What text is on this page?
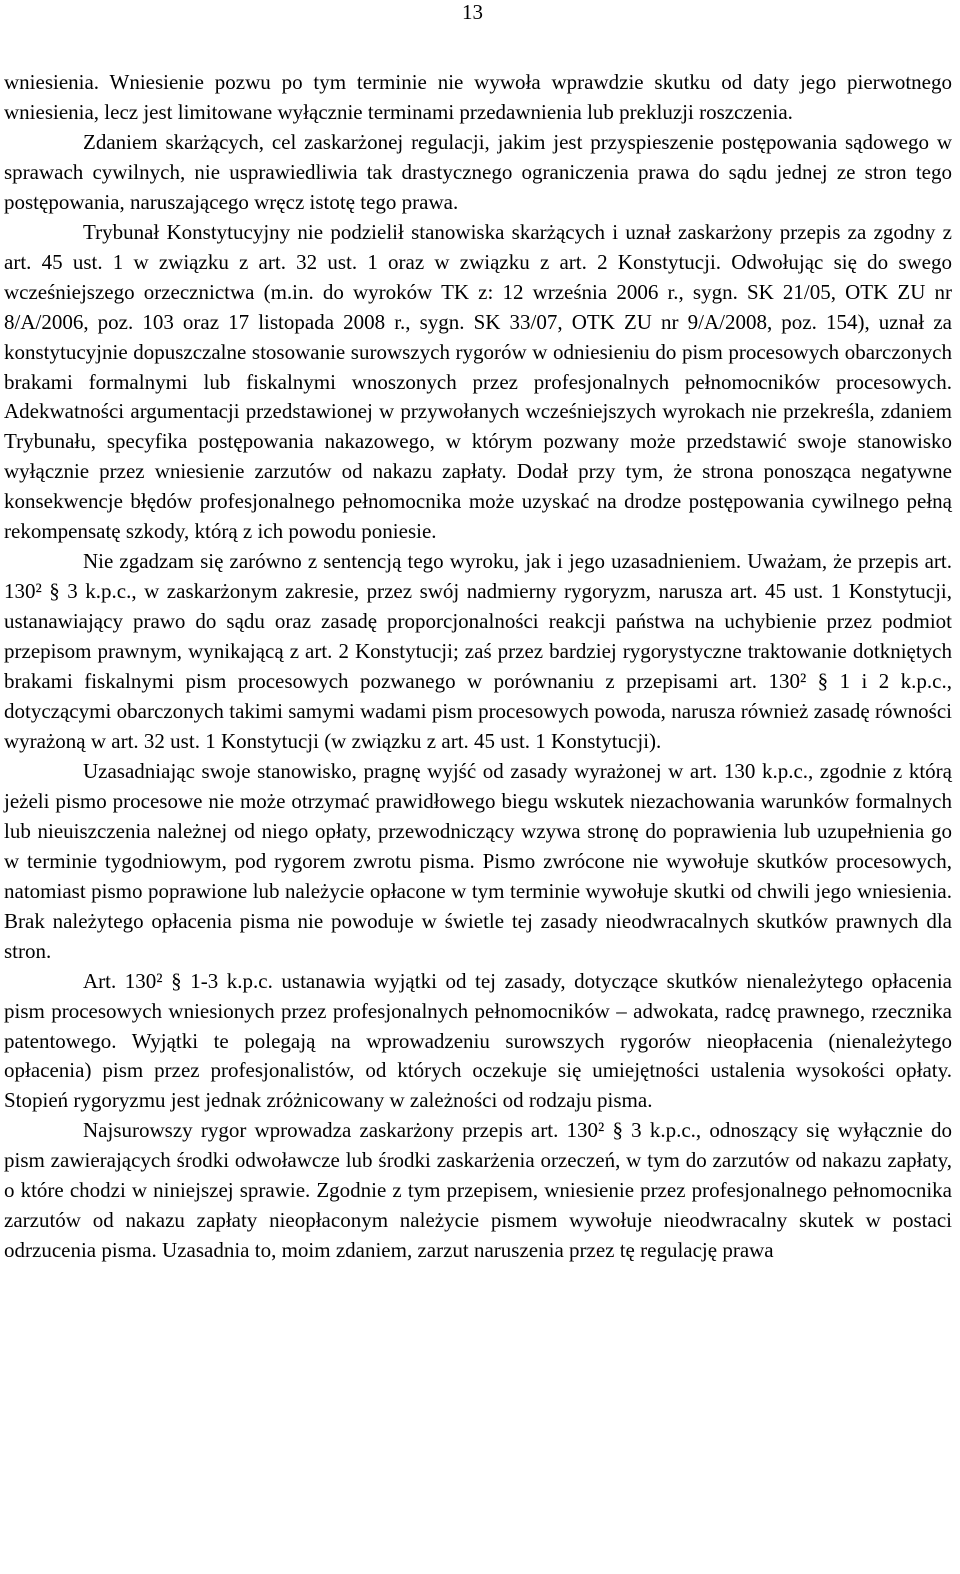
13

wniesienia. Wniesienie pozwu po tym terminie nie wywoła wprawdzie skutku od daty jego pierwotnego wniesienia, lecz jest limitowane wyłącznie terminami przedawnienia lub prekluzji roszczenia.

Zdaniem skarżących, cel zaskarżonej regulacji, jakim jest przyspieszenie postępowania sądowego w sprawach cywilnych, nie usprawiedliwia tak drastycznego ograniczenia prawa do sądu jednej ze stron tego postępowania, naruszającego wręcz istotę tego prawa.

Trybunał Konstytucyjny nie podzielił stanowiska skarżących i uznał zaskarżony przepis za zgodny z art. 45 ust. 1 w związku z art. 32 ust. 1 oraz w związku z art. 2 Konstytucji. Odwołując się do swego wcześniejszego orzecznictwa (m.in. do wyroków TK z: 12 września 2006 r., sygn. SK 21/05, OTK ZU nr 8/A/2006, poz. 103 oraz 17 listopada 2008 r., sygn. SK 33/07, OTK ZU nr 9/A/2008, poz. 154), uznał za konstytucyjnie dopuszczalne stosowanie surowszych rygorów w odniesieniu do pism procesowych obarczonych brakami formalnymi lub fiskalnymi wnoszonych przez profesjonalnych pełnomocników procesowych. Adekwatności argumentacji przedstawionej w przywołanych wcześniejszych wyrokach nie przekreśla, zdaniem Trybunału, specyfika postępowania nakazowego, w którym pozwany może przedstawić swoje stanowisko wyłącznie przez wniesienie zarzutów od nakazu zapłaty. Dodał przy tym, że strona ponosząca negatywne konsekwencje błędów profesjonalnego pełnomocnika może uzyskać na drodze postępowania cywilnego pełną rekompensatę szkody, którą z ich powodu poniesie.

Nie zgadzam się zarówno z sentencją tego wyroku, jak i jego uzasadnieniem. Uważam, że przepis art. 130² § 3 k.p.c., w zaskarżonym zakresie, przez swój nadmierny rygoryzm, narusza art. 45 ust. 1 Konstytucji, ustanawiający prawo do sądu oraz zasadę proporcjonalności reakcji państwa na uchybienie przez podmiot przepisom prawnym, wynikającą z art. 2 Konstytucji; zaś przez bardziej rygorystyczne traktowanie dotkniętych brakami fiskalnymi pism procesowych pozwanego w porównaniu z przepisami art. 130² § 1 i 2 k.p.c., dotyczącymi obarczonych takimi samymi wadami pism procesowych powoda, narusza również zasadę równości wyrażoną w art. 32 ust. 1 Konstytucji (w związku z art. 45 ust. 1 Konstytucji).

Uzasadniając swoje stanowisko, pragnę wyjść od zasady wyrażonej w art. 130 k.p.c., zgodnie z którą jeżeli pismo procesowe nie może otrzymać prawidłowego biegu wskutek niezachowania warunków formalnych lub nieuiszczenia należnej od niego opłaty, przewodniczący wzywa stronę do poprawienia lub uzupełnienia go w terminie tygodniowym, pod rygorem zwrotu pisma. Pismo zwrócone nie wywołuje skutków procesowych, natomiast pismo poprawione lub należycie opłacone w tym terminie wywołuje skutki od chwili jego wniesienia. Brak należytego opłacenia pisma nie powoduje w świetle tej zasady nieodwracalnych skutków prawnych dla stron.

Art. 130² § 1-3 k.p.c. ustanawia wyjątki od tej zasady, dotyczące skutków nienależytego opłacenia pism procesowych wniesionych przez profesjonalnych pełnomocników – adwokata, radcę prawnego, rzecznika patentowego. Wyjątki te polegają na wprowadzeniu surowszych rygorów nieopłacenia (nienależytego opłacenia) pism przez profesjonalistów, od których oczekuje się umiejętności ustalenia wysokości opłaty. Stopień rygoryzmu jest jednak zróżnicowany w zależności od rodzaju pisma.

Najsurowszy rygor wprowadza zaskarżony przepis art. 130² § 3 k.p.c., odnoszący się wyłącznie do pism zawierających środki odwoławcze lub środki zaskarżenia orzeczeń, w tym do zarzutów od nakazu zapłaty, o które chodzi w niniejszej sprawie. Zgodnie z tym przepisem, wniesienie przez profesjonalnego pełnomocnika zarzutów od nakazu zapłaty nieopłaconym należycie pismem wywołuje nieodwracalny skutek w postaci odrzucenia pisma. Uzasadnia to, moim zdaniem, zarzut naruszenia przez tę regulację prawa
